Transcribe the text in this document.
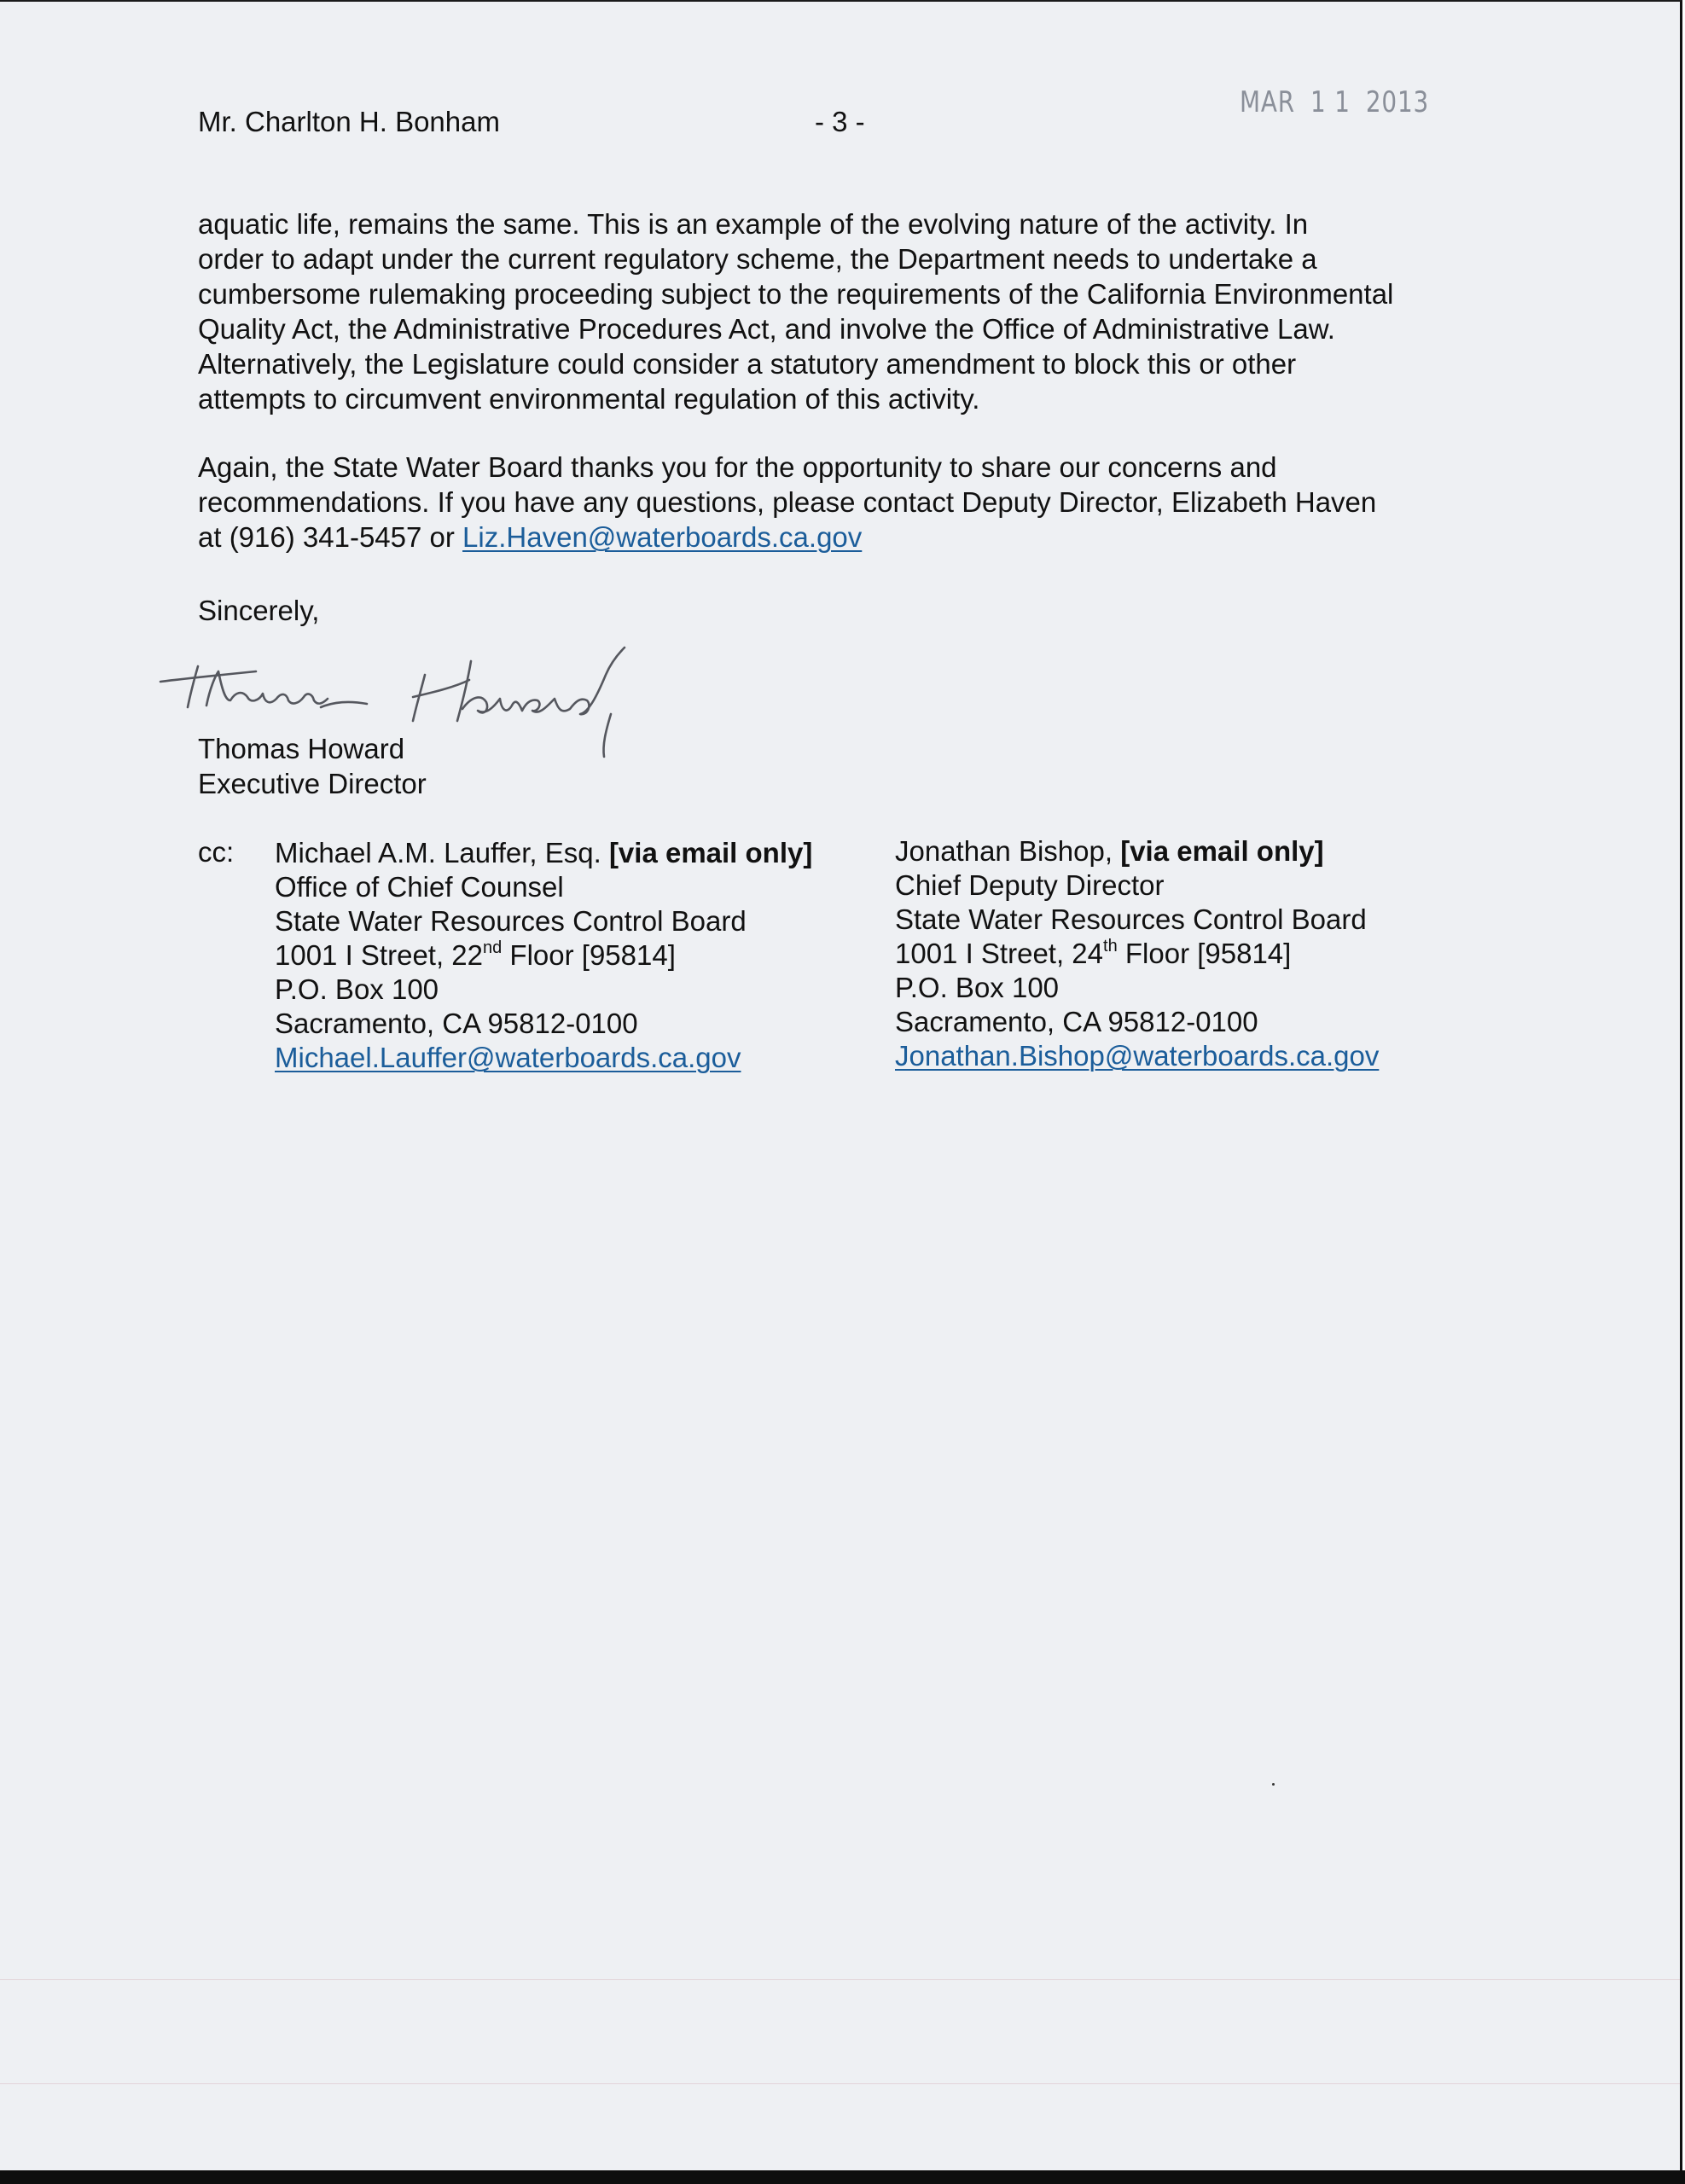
Mr. Charlton H. Bonham	- 3 -
MAR 1 1 2013
aquatic life, remains the same. This is an example of the evolving nature of the activity. In
order to adapt under the current regulatory scheme, the Department needs to undertake a
cumbersome rulemaking proceeding subject to the requirements of the California Environmental
Quality Act, the Administrative Procedures Act, and involve the Office of Administrative Law.
Alternatively, the Legislature could consider a statutory amendment to block this or other
attempts to circumvent environmental regulation of this activity.
Again, the State Water Board thanks you for the opportunity to share our concerns and
recommendations. If you have any questions, please contact Deputy Director, Elizabeth Haven
at (916) 341-5457 or Liz.Haven@waterboards.ca.gov
Sincerely,
Thomas Howard
Executive Director
cc: Michael A.M. Lauffer, Esq. [via email only]
Office of Chief Counsel
State Water Resources Control Board
1001 I Street, 22nd Floor [95814]
P.O. Box 100
Sacramento, CA 95812-0100
Michael.Lauffer@waterboards.ca.gov
Jonathan Bishop, [via email only]
Chief Deputy Director
State Water Resources Control Board
1001 I Street, 24th Floor [95814]
P.O. Box 100
Sacramento, CA 95812-0100
Jonathan.Bishop@waterboards.ca.gov
